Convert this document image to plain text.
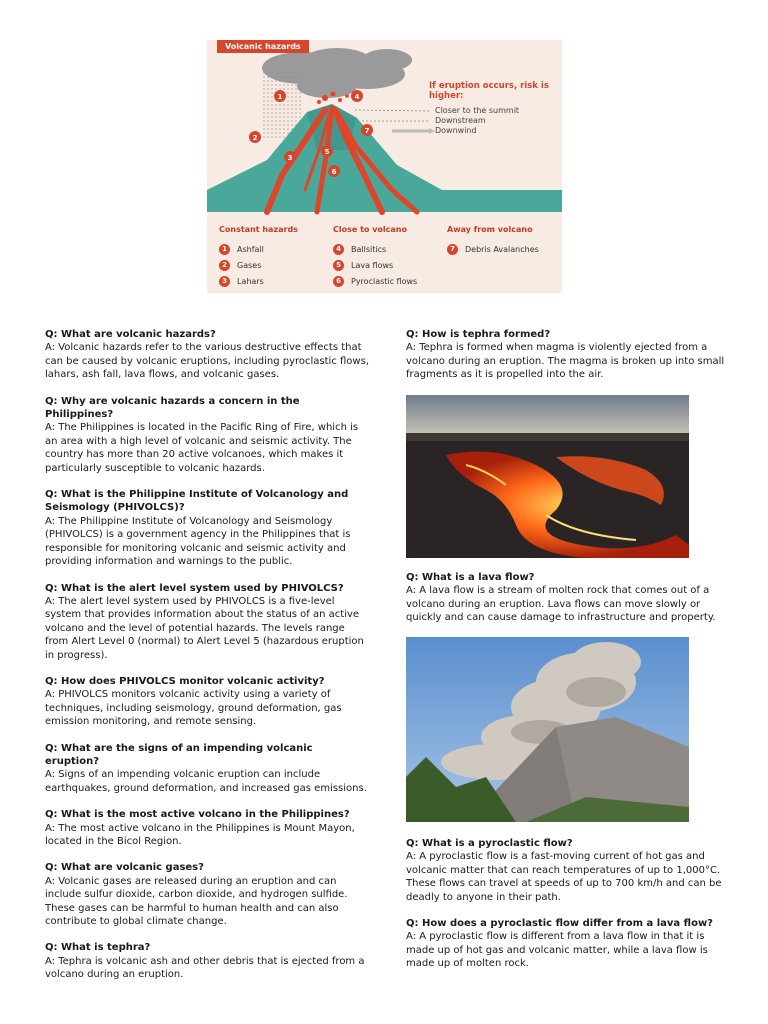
1
2
3
4
5
6
7
Volcanic hazards
If eruption occurs, risk is higher:
Closer to the summit
Downstream
Downwind
Constant hazards	Close to volcano	Away from volcano
1	Ashfall
2	Gases
3	Lahars
4	Ballsitics
5	Lava flows
6	Pyroclastic flows
7	Debris Avalanches
Q: What are volcanic hazards?
A: Volcanic hazards refer to the various destructive effects that can be caused by volcanic eruptions, including pyroclastic flows, lahars, ash fall, lava flows, and volcanic gases.
Q: Why are volcanic hazards a concern in the Philippines?
A: The Philippines is located in the Pacific Ring of Fire, which is an area with a high level of volcanic and seismic activity. The country has more than 20 active volcanoes, which makes it particularly susceptible to volcanic hazards.
Q: What is the Philippine Institute of Volcanology and Seismology (PHIVOLCS)?
A: The Philippine Institute of Volcanology and Seismology (PHIVOLCS) is a government agency in the Philippines that is responsible for monitoring volcanic and seismic activity and providing information and warnings to the public.
Q: What is the alert level system used by PHIVOLCS?
A: The alert level system used by PHIVOLCS is a five-level system that provides information about the status of an active volcano and the level of potential hazards. The levels range from Alert Level 0 (normal) to Alert Level 5 (hazardous eruption in progress).
Q: How does PHIVOLCS monitor volcanic activity?
A: PHIVOLCS monitors volcanic activity using a variety of techniques, including seismology, ground deformation, gas emission monitoring, and remote sensing.
Q: What are the signs of an impending volcanic eruption?
A: Signs of an impending volcanic eruption can include earthquakes, ground deformation, and increased gas emissions.
Q: What is the most active volcano in the Philippines?
A: The most active volcano in the Philippines is Mount Mayon, located in the Bicol Region.
Q: What are volcanic gases?
A: Volcanic gases are released during an eruption and can include sulfur dioxide, carbon dioxide, and hydrogen sulfide. These gases can be harmful to human health and can also contribute to global climate change.
Q: What is tephra?
A: Tephra is volcanic ash and other debris that is ejected from a volcano during an eruption.
Q: How is tephra formed?
A: Tephra is formed when magma is violently ejected from a volcano during an eruption. The magma is broken up into small fragments as it is propelled into the air.
Q: What is a lava flow?
A: A lava flow is a stream of molten rock that comes out of a volcano during an eruption. Lava flows can move slowly or quickly and can cause damage to infrastructure and property.
Q: What is a pyroclastic flow?
A: A pyroclastic flow is a fast-moving current of hot gas and volcanic matter that can reach temperatures of up to 1,000°C. These flows can travel at speeds of up to 700 km/h and can be deadly to anyone in their path.
Q: How does a pyroclastic flow differ from a lava flow?
A: A pyroclastic flow is different from a lava flow in that it is made up of hot gas and volcanic matter, while a lava flow is made up of molten rock.
